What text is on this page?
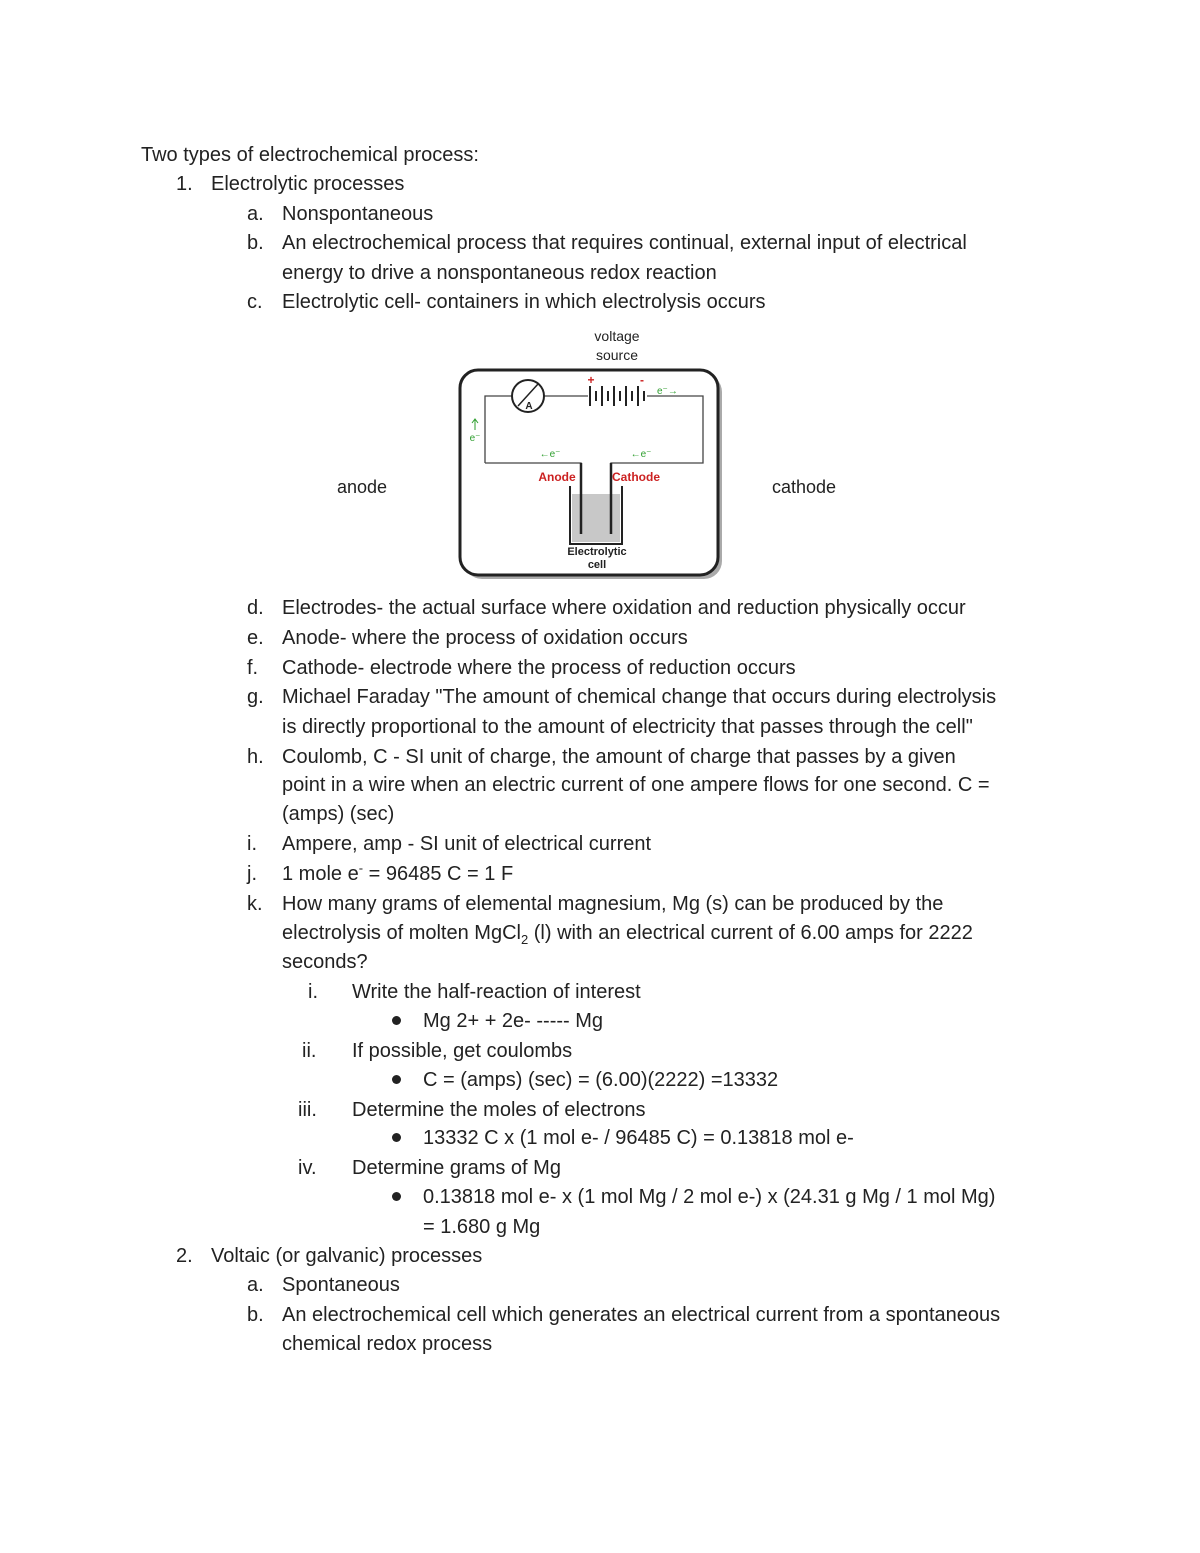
Two types of electrochemical process:
1. Electrolytic processes
a. Nonspontaneous
b. An electrochemical process that requires continual, external input of electrical
energy to drive a nonspontaneous redox reaction
c. Electrolytic cell- containers in which electrolysis occurs
anode	cathode
voltage
source
A
+	-
e⁻→
e⁻
←e⁻	←e⁻
Anode	Cathode
Electrolytic
cell
d. Electrodes- the actual surface where oxidation and reduction physically occur
e. Anode- where the process of oxidation occurs
f. Cathode- electrode where the process of reduction occurs
g. Michael Faraday "The amount of chemical change that occurs during electrolysis
is directly proportional to the amount of electricity that passes through the cell"
h. Coulomb, C - SI unit of charge, the amount of charge that passes by a given
point in a wire when an electric current of one ampere flows for one second. C =
(amps) (sec)
i. Ampere, amp - SI unit of electrical current
j. 1 mole e- = 96485 C = 1 F
k. How many grams of elemental magnesium, Mg (s) can be produced by the
electrolysis of molten MgCl$_2$ (l) with an electrical current of 6.00 amps for 2222
seconds?
i. Write the half-reaction of interest
Mg 2+ + 2e- ----- Mg
ii. If possible, get coulombs
C = (amps) (sec) = (6.00)(2222) =13332
iii. Determine the moles of electrons
13332 C x (1 mol e- / 96485 C) = 0.13818 mol e-
iv. Determine grams of Mg
0.13818 mol e- x (1 mol Mg / 2 mol e-) x (24.31 g Mg / 1 mol Mg)
= 1.680 g Mg
2. Voltaic (or galvanic) processes
a. Spontaneous
b. An electrochemical cell which generates an electrical current from a spontaneous
chemical redox process
